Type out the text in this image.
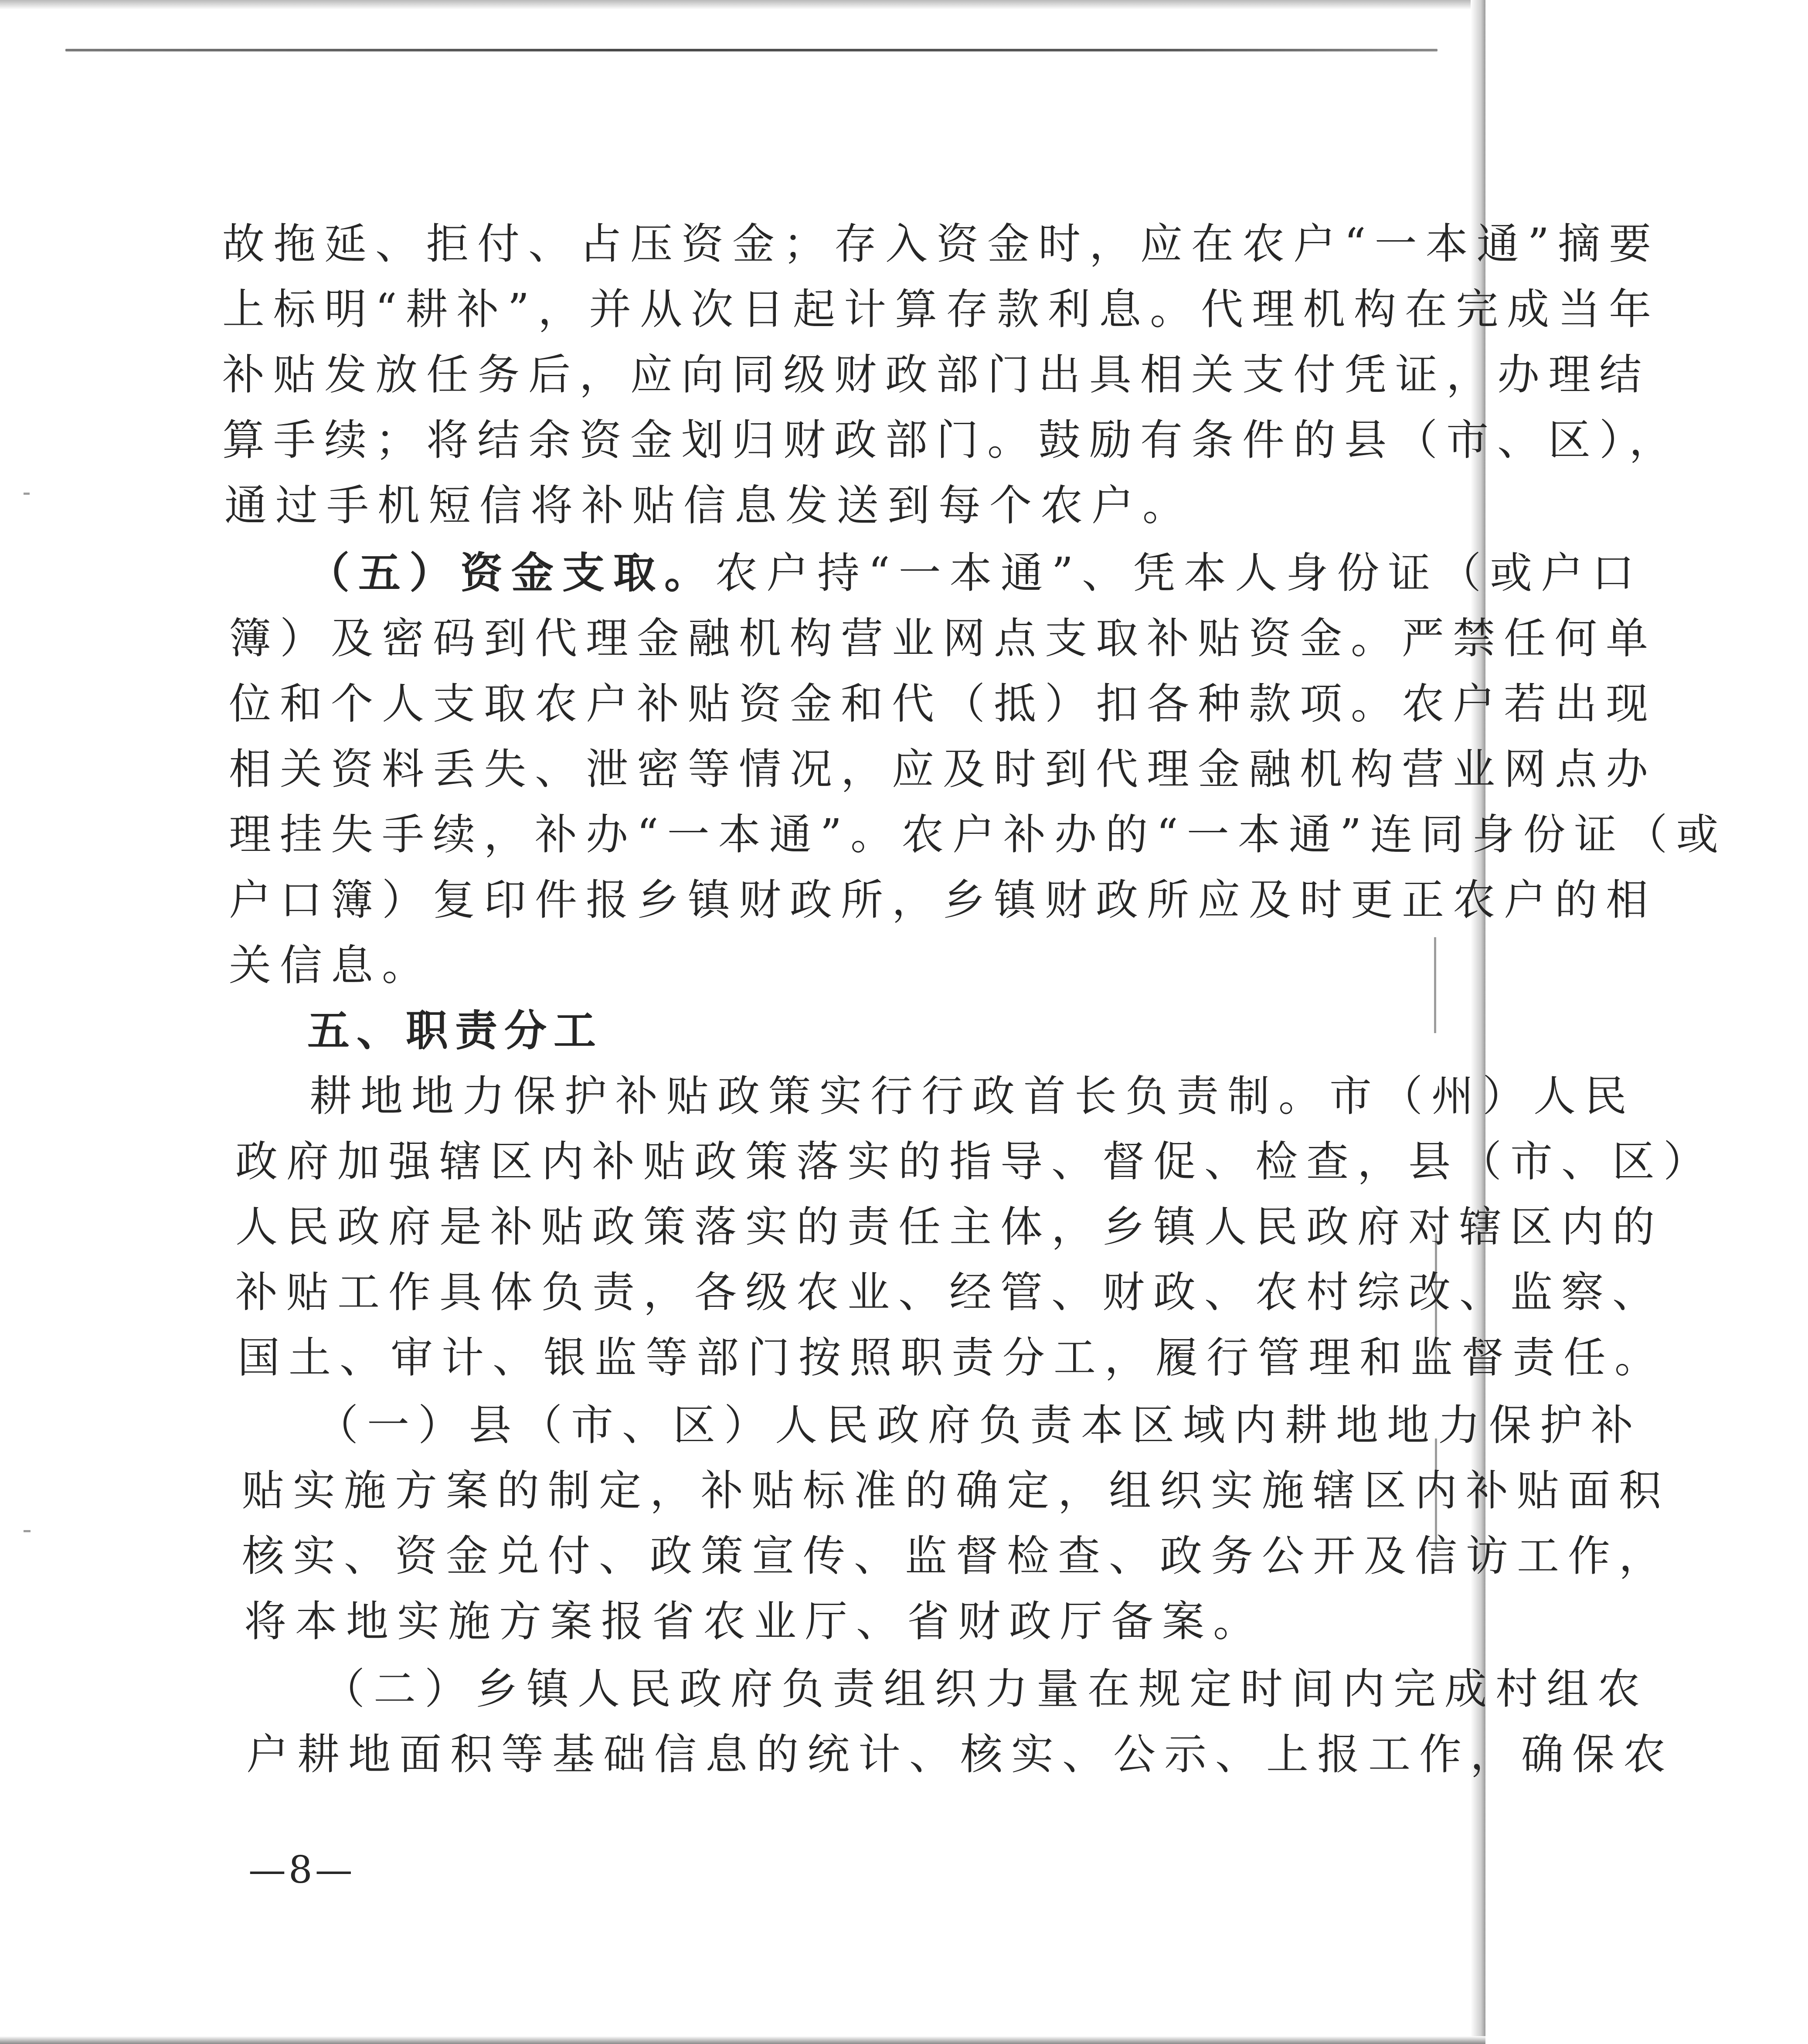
故拖延、拒付、占压资金；存入资金时，应在农户“一本通”摘要
上标明“耕补”，并从次日起计算存款利息。代理机构在完成当年
补贴发放任务后，应向同级财政部门出具相关支付凭证，办理结
算手续；将结余资金划归财政部门。鼓励有条件的县（市、区），
通过手机短信将补贴信息发送到每个农户。
（五）资金支取。农户持“一本通”、凭本人身份证（或户口
簿）及密码到代理金融机构营业网点支取补贴资金。严禁任何单
位和个人支取农户补贴资金和代（抵）扣各种款项。农户若出现
相关资料丢失、泄密等情况，应及时到代理金融机构营业网点办
理挂失手续，补办“一本通”。农户补办的“一本通”连同身份证（或
户口簿）复印件报乡镇财政所，乡镇财政所应及时更正农户的相
关信息。
五、职责分工
耕地地力保护补贴政策实行行政首长负责制。市（州）人民
政府加强辖区内补贴政策落实的指导、督促、检查，县（市、区）
人民政府是补贴政策落实的责任主体，乡镇人民政府对辖区内的
补贴工作具体负责，各级农业、经管、财政、农村综改、监察、
国土、审计、银监等部门按照职责分工，履行管理和监督责任。
（一）县（市、区）人民政府负责本区域内耕地地力保护补
贴实施方案的制定，补贴标准的确定，组织实施辖区内补贴面积
核实、资金兑付、政策宣传、监督检查、政务公开及信访工作，
将本地实施方案报省农业厅、省财政厅备案。
（二）乡镇人民政府负责组织力量在规定时间内完成村组农
户耕地面积等基础信息的统计、核实、公示、上报工作，确保农
—8—
